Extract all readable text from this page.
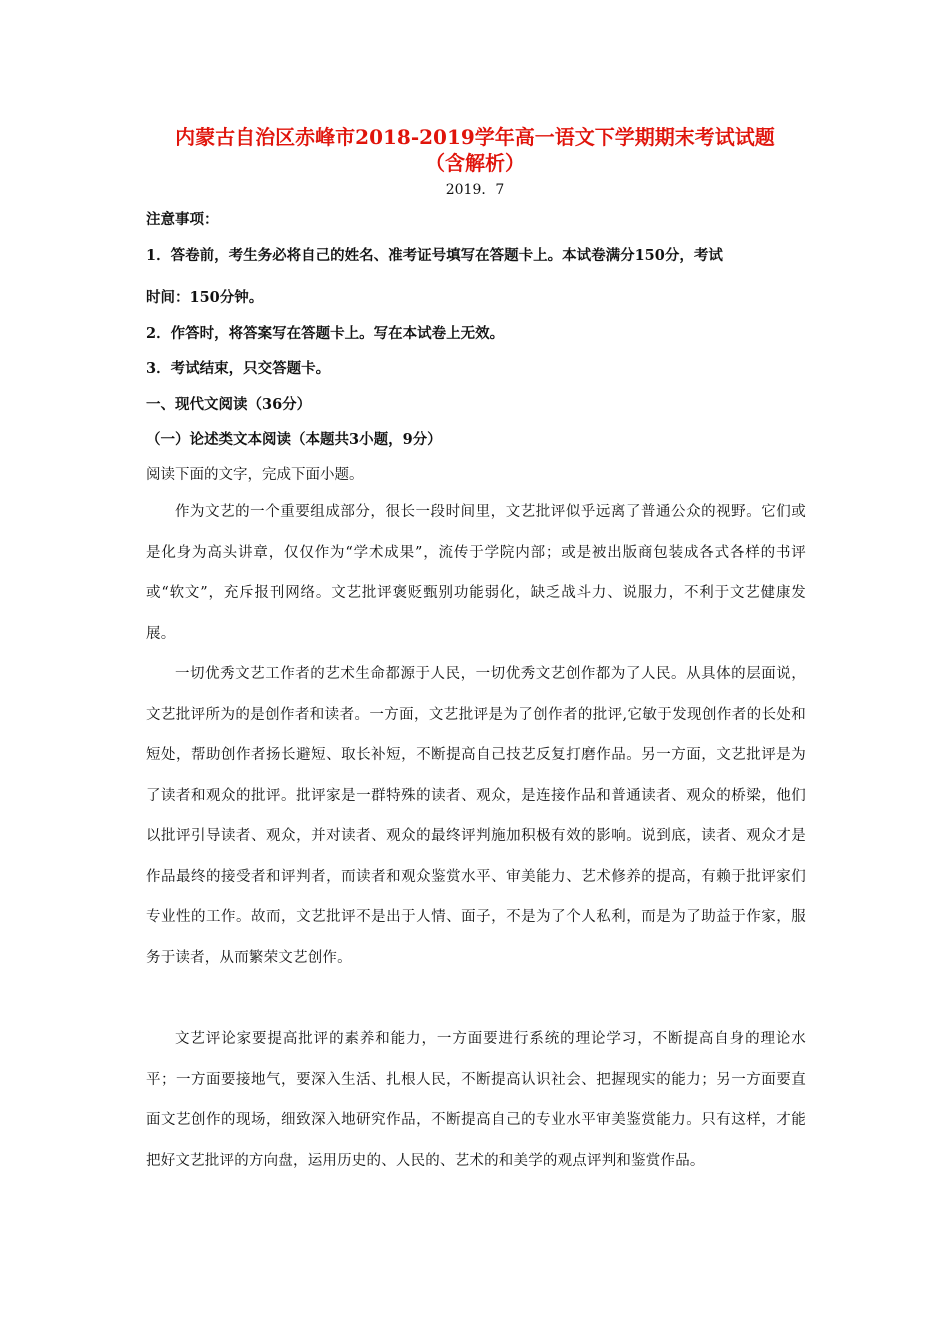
内蒙古自治区赤峰市2018-2019学年高一语文下学期期末考试试题
（含解析）
2019．7
注意事项：
1．答卷前，考生务必将自己的姓名、准考证号填写在答题卡上。本试卷满分150分，考试
时间：150分钟。
2．作答时，将答案写在答题卡上。写在本试卷上无效。
3．考试结束，只交答题卡。
一、现代文阅读（36分）
（一）论述类文本阅读（本题共3小题，9分）
阅读下面的文字，完成下面小题。
作为文艺的一个重要组成部分，很长一段时间里，文艺批评似乎远离了普通公众的视野。它们或是化身为高头讲章，仅仅作为“学术成果”，流传于学院内部；或是被出版商包装成各式各样的书评或“软文”，充斥报刊网络。文艺批评褒贬甄别功能弱化，缺乏战斗力、说服力，不利于文艺健康发展。
一切优秀文艺工作者的艺术生命都源于人民，一切优秀文艺创作都为了人民。从具体的层面说，文艺批评所为的是创作者和读者。一方面，文艺批评是为了创作者的批评,它敏于发现创作者的长处和短处，帮助创作者扬长避短、取长补短，不断提高自己技艺反复打磨作品。另一方面，文艺批评是为了读者和观众的批评。批评家是一群特殊的读者、观众，是连接作品和普通读者、观众的桥梁，他们以批评引导读者、观众，并对读者、观众的最终评判施加积极有效的影响。说到底，读者、观众才是作品最终的接受者和评判者，而读者和观众鉴赏水平、审美能力、艺术修养的提高，有赖于批评家们专业性的工作。故而，文艺批评不是出于人情、面子，不是为了个人私利，而是为了助益于作家，服务于读者，从而繁荣文艺创作。
文艺评论家要提高批评的素养和能力，一方面要进行系统的理论学习，不断提高自身的理论水平；一方面要接地气，要深入生活、扎根人民，不断提高认识社会、把握现实的能力；另一方面要直面文艺创作的现场，细致深入地研究作品，不断提高自己的专业水平审美鉴赏能力。只有这样，才能把好文艺批评的方向盘，运用历史的、人民的、艺术的和美学的观点评判和鉴赏作品。
